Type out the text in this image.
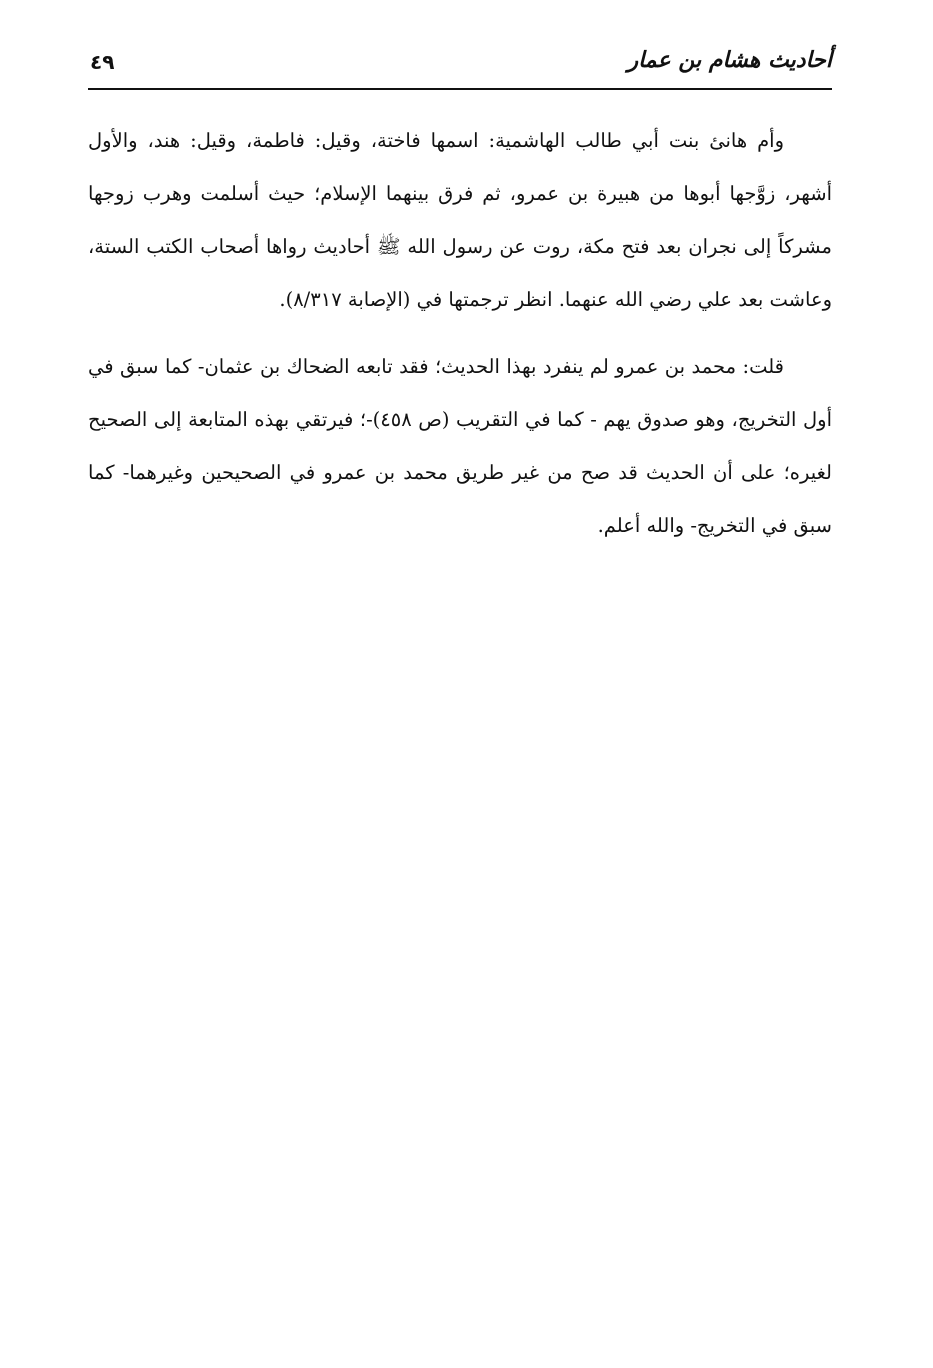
أحاديث هشام بن عمار
٤٩

وأم هانئ بنت أبي طالب الهاشمية: اسمها فاختة، وقيل: فاطمة، وقيل: هند، والأول أشهر، زوَّجها أبوها من هبيرة بن عمرو، ثم فرق بينهما الإسلام؛ حيث أسلمت وهرب زوجها مشركاً إلى نجران بعد فتح مكة، روت عن رسول الله ﷺ أحاديث رواها أصحاب الكتب الستة، وعاشت بعد علي رضي الله عنهما. انظر ترجمتها في (الإصابة ٨/٣١٧).

قلت: محمد بن عمرو لم ينفرد بهذا الحديث؛ فقد تابعه الضحاك بن عثمان- كما سبق في أول التخريج، وهو صدوق يهم - كما في التقريب (ص ٤٥٨)-؛ فيرتقي بهذه المتابعة إلى الصحيح لغيره؛ على أن الحديث قد صح من غير طريق محمد بن عمرو في الصحيحين وغيرهما- كما سبق في التخريج- والله أعلم.
